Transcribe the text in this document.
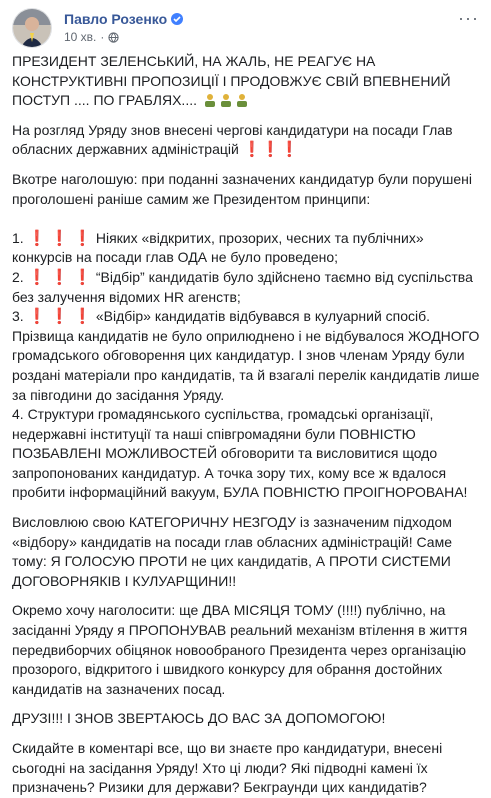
Павло Розенко
10 хв. ·
···

ПРЕЗИДЕНТ ЗЕЛЕНСЬКИЙ, НА ЖАЛЬ, НЕ РЕАГУЄ НА КОНСТРУКТИВНІ ПРОПОЗИЦІЇ І ПРОДОВЖУЄ СВІЙ ВПЕВНЕНИЙ ПОСТУП .... ПО ГРАБЛЯХ....

На розгляд Уряду знов внесені чергові кандидатури на посади Глав обласних державних адміністрацій ❗❗❗

Вкотре наголошую: при поданні зазначених кандидатур були порушені проголошені раніше самим же Президентом принципи:

1. ❗ ❗ ❗ Ніяких «відкритих, прозорих, чесних та публічних» конкурсів на посади глав ОДА не було проведено;
2. ❗ ❗ ❗ “Відбір” кандидатів було здійснено таємно від суспільства без залучення відомих HR агенств;
3. ❗ ❗ ❗ «Відбір» кандидатів відбувався в кулуарний спосіб. Прізвища кандидатів не було оприлюднено і не відбувалося ЖОДНОГО громадського обговорення цих кандидатур. І знов членам Уряду були роздані матеріали про кандидатів, та й взагалі перелік кандидатів лише за півгодини до засідання Уряду.
4. Структури громадянського суспільства, громадські організації, недержавні інституції та наші співгромадяни були ПОВНІСТЮ ПОЗБАВЛЕНІ МОЖЛИВОСТЕЙ обговорити та висловитися щодо запропонованих кандидатур. А точка зору тих, кому все ж вдалося пробити інформаційний вакуум, БУЛА ПОВНІСТЮ ПРОІГНОРОВАНА!

Висловлюю свою КАТЕГОРИЧНУ НЕЗГОДУ із зазначеним підходом «відбору» кандидатів на посади глав обласних адміністрацій! Саме тому: Я ГОЛОСУЮ ПРОТИ не цих кандидатів, А ПРОТИ СИСТЕМИ ДОГОВОРНЯКІВ І КУЛУАРЩИНИ!!

Окремо хочу наголосити: ще ДВА МІСЯЦЯ ТОМУ (!!!!) публічно, на засіданні Уряду я ПРОПОНУВАВ реальний механізм втілення в життя передвиборчих обіцянок новообраного Президента через організацію прозорого, відкритого і швидкого конкурсу для обрання достойних кандидатів на зазначених посад.

ДРУЗІ!!! І ЗНОВ ЗВЕРТАЮСЬ ДО ВАС ЗА ДОПОМОГОЮ!

Скидайте в коментарі все, що ви знаєте про кандидатури, внесені сьогодні на засідання Уряду! Хто ці люди? Які підводні камені їх призначень? Ризики для держави? Бекграунди цих кандидатів?
